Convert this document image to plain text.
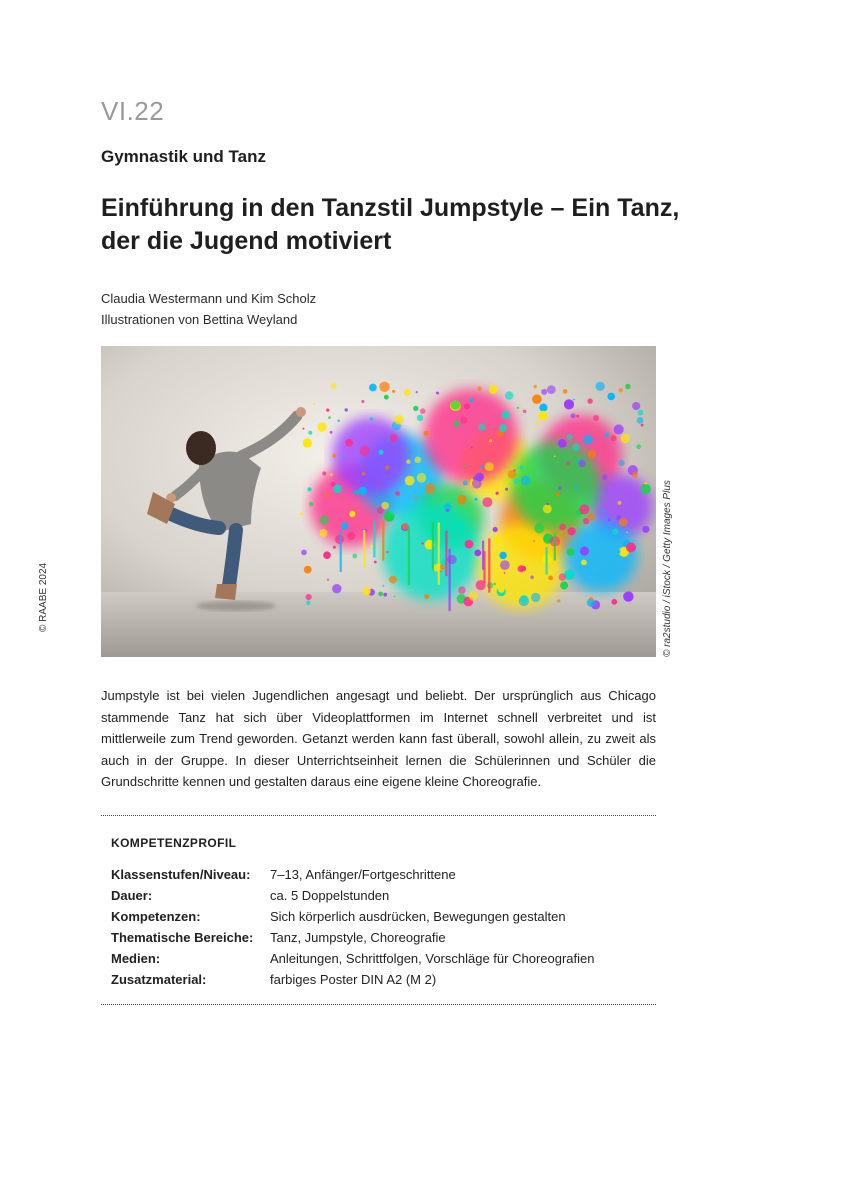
VI.22
Gymnastik und Tanz
Einführung in den Tanzstil Jumpstyle – Ein Tanz,
der die Jugend motiviert
Claudia Westermann und Kim Scholz
Illustrationen von Bettina Weyland
© ra2studio / iStock / Getty Images Plus
© RAABE 2024
Jumpstyle ist bei vielen Jugendlichen angesagt und beliebt. Der ursprünglich aus Chicago stammende Tanz hat sich über Videoplattformen im Internet schnell verbreitet und ist mittlerweile zum Trend geworden. Getanzt werden kann fast überall, sowohl allein, zu zweit als auch in der Gruppe. In dieser Unterrichtseinheit lernen die Schülerinnen und Schüler die Grundschritte kennen und gestalten daraus eine eigene kleine Choreografie.
KOMPETENZPROFIL
Klassenstufen/Niveau:	7–13, Anfänger/Fortgeschrittene
Dauer:	ca. 5 Doppelstunden
Kompetenzen:	Sich körperlich ausdrücken, Bewegungen gestalten
Thematische Bereiche:	Tanz, Jumpstyle, Choreografie
Medien:	Anleitungen, Schrittfolgen, Vorschläge für Choreografien
Zusatzmaterial:	farbiges Poster DIN A2 (M 2)
